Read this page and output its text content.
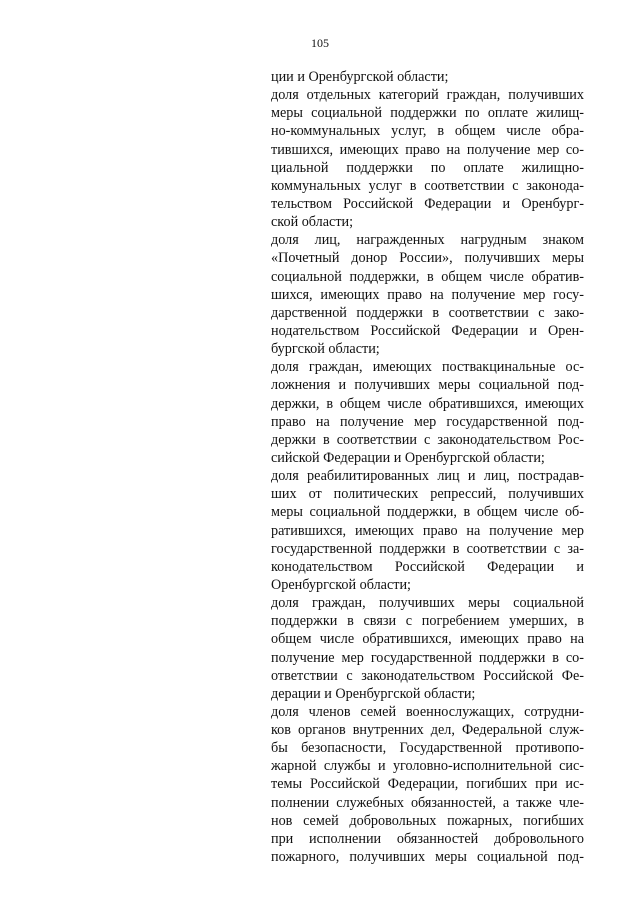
105
ции и Оренбургской области;
доля отдельных категорий граждан, получивших
меры социальной поддержки по оплате жилищ-
но-коммунальных услуг, в общем числе обра-
тившихся, имеющих право на получение мер со-
циальной поддержки по оплате жилищно-
коммунальных услуг в соответствии с законода-
тельством Российской Федерации и Оренбург-
ской области;
доля лиц, награжденных нагрудным знаком
«Почетный донор России», получивших меры
социальной поддержки, в общем числе обратив-
шихся, имеющих право на получение мер госу-
дарственной поддержки в соответствии с зако-
нодательством Российской Федерации и Орен-
бургской области;
доля граждан, имеющих поствакцинальные ос-
ложнения и получивших меры социальной под-
держки, в общем числе обратившихся, имеющих
право на получение мер государственной под-
держки в соответствии с законодательством Рос-
сийской Федерации и Оренбургской области;
доля реабилитированных лиц и лиц, пострадав-
ших от политических репрессий, получивших
меры социальной поддержки, в общем числе об-
ратившихся, имеющих право на получение мер
государственной поддержки в соответствии с за-
конодательством Российской Федерации и
Оренбургской области;
доля граждан, получивших меры социальной
поддержки в связи с погребением умерших, в
общем числе обратившихся, имеющих право на
получение мер государственной поддержки в со-
ответствии с законодательством Российской Фе-
дерации и Оренбургской области;
доля членов семей военнослужащих, сотрудни-
ков органов внутренних дел, Федеральной служ-
бы безопасности, Государственной противопо-
жарной службы и уголовно-исполнительной сис-
темы Российской Федерации, погибших при ис-
полнении служебных обязанностей, а также чле-
нов семей добровольных пожарных, погибших
при исполнении обязанностей добровольного
пожарного, получивших меры социальной под-
